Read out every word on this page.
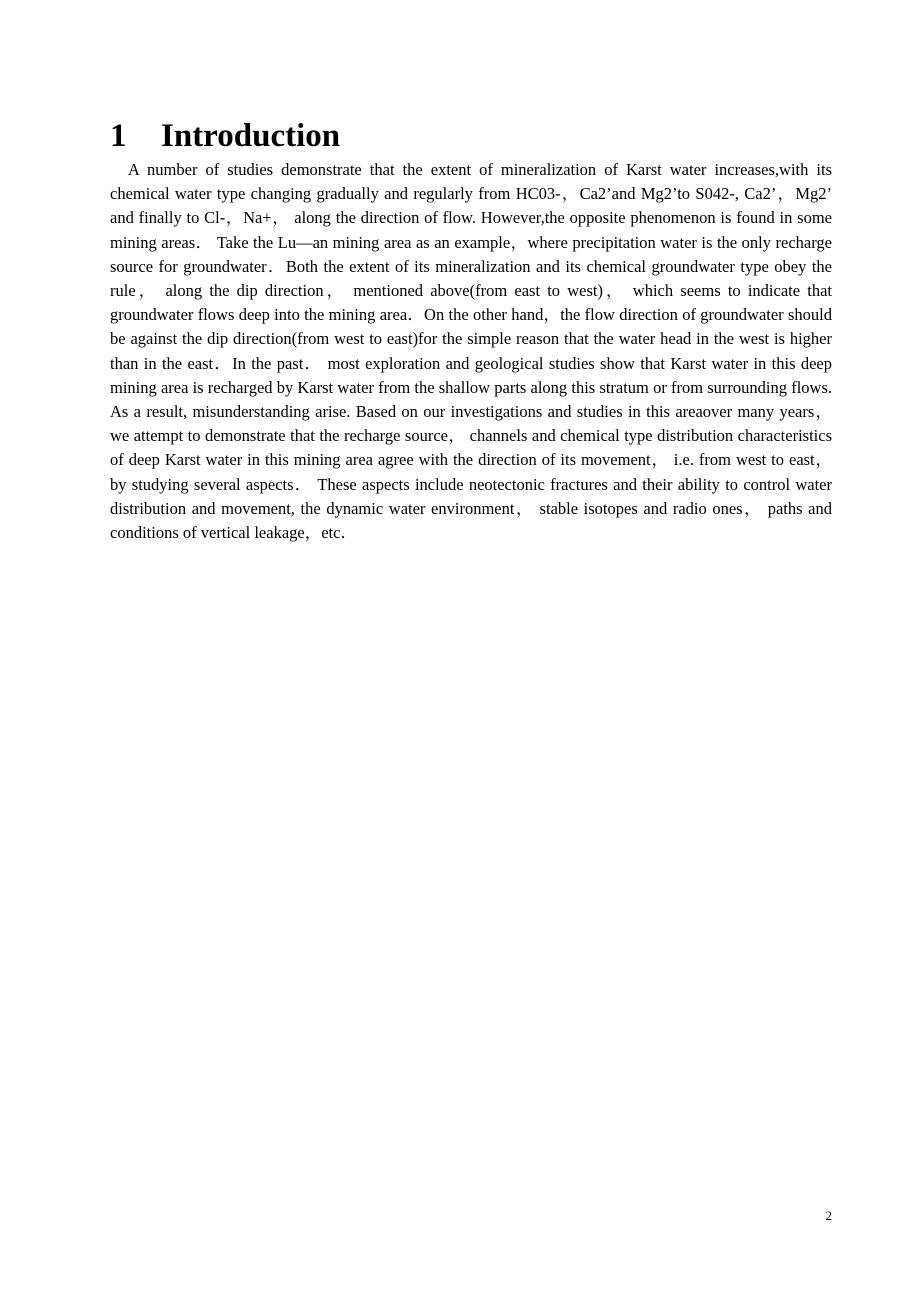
1 Introduction

A number of studies demonstrate that the extent of mineralization of Karst water increases,with its chemical water type changing gradually and regularly from HC03-，Ca2’and Mg2’to S042-, Ca2’，Mg2’ and finally to Cl-，Na+， along the direction of flow. However,the opposite phenomenon is found in some mining areas． Take the Lu—an mining area as an example，where precipitation water is the only recharge source for groundwater．Both the extent of its mineralization and its chemical groundwater type obey the rule， along the dip direction， mentioned above(from east to west)， which seems to indicate that groundwater flows deep into the mining area．On the other hand，the flow direction of groundwater should be against the dip direction(from west to east)for the simple reason that the water head in the west is higher than in the east．In the past． most exploration and geological studies show that Karst water in this deep mining area is recharged by Karst water from the shallow parts along this stratum or from surrounding flows. As a result, misunderstanding arise. Based on our investigations and studies in this areaover many years， we attempt to demonstrate that the recharge source， channels and chemical type distribution characteristics of deep Karst water in this mining area agree with the direction of its movement， i.e. from west to east， by studying several aspects． These aspects include neotectonic fractures and their ability to control water distribution and movement, the dynamic water environment， stable isotopes and radio ones， paths and conditions of vertical leakage，etc．

2
